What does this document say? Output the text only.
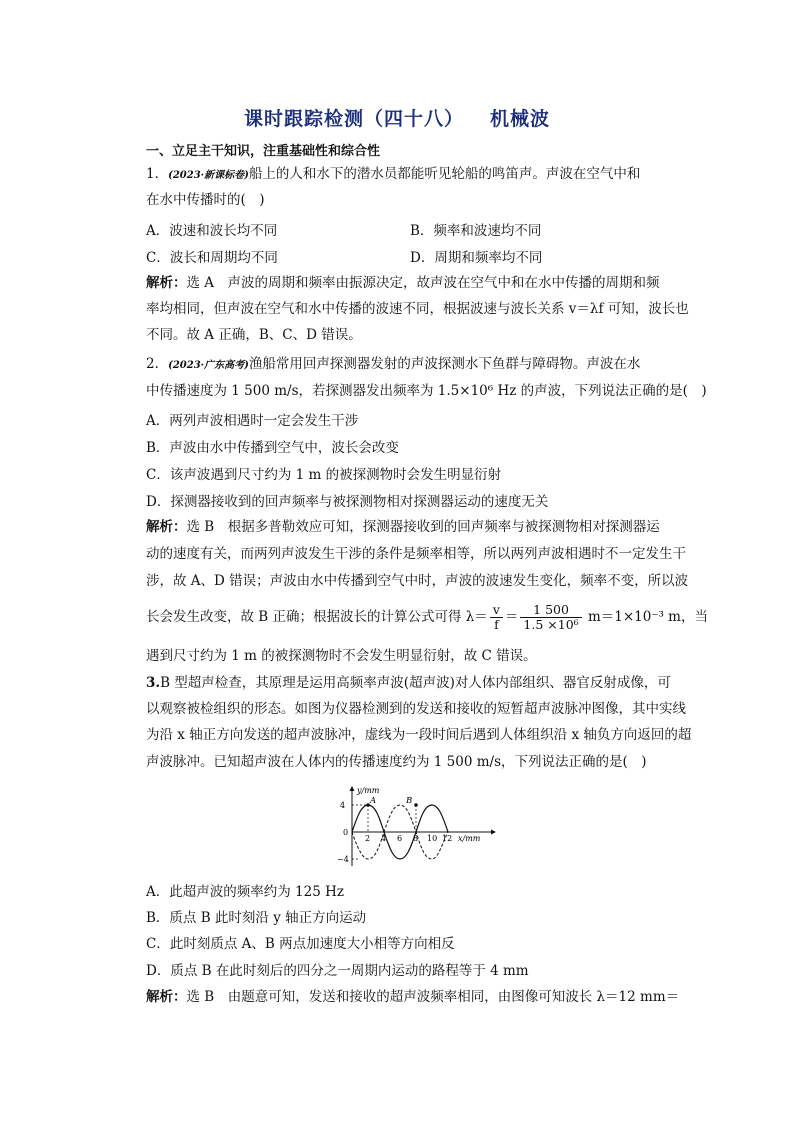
课时跟踪检测（四十八） 机械波
一、立足主干知识，注重基础性和综合性
1．(2023·新课标卷)船上的人和水下的潜水员都能听见轮船的鸣笛声。声波在空气中和
在水中传播时的(　)
A．波速和波长均不同	B．频率和波速均不同
C．波长和周期均不同	D．周期和频率均不同
解析：选 A　声波的周期和频率由振源决定，故声波在空气中和在水中传播的周期和频
率均相同，但声波在空气和水中传播的波速不同，根据波速与波长关系 v＝λf 可知，波长也
不同。故 A 正确，B、C、D 错误。
2．(2023·广东高考)渔船常用回声探测器发射的声波探测水下鱼群与障碍物。声波在水
中传播速度为 1 500 m/s，若探测器发出频率为 1.5×10⁶ Hz 的声波，下列说法正确的是(　)
A．两列声波相遇时一定会发生干涉
B．声波由水中传播到空气中，波长会改变
C．该声波遇到尺寸约为 1 m 的被探测物时会发生明显衍射
D．探测器接收到的回声频率与被探测物相对探测器运动的速度无关
解析：选 B　根据多普勒效应可知，探测器接收到的回声频率与被探测物相对探测器运
动的速度有关，而两列声波发生干涉的条件是频率相等，所以两列声波相遇时不一定发生干
涉，故 A、D 错误；声波由水中传播到空气中时，声波的波速发生变化，频率不变，所以波
长会发生改变，故 B 正确；根据波长的计算公式可得 $\lambda= \frac{v}{f} = \frac{1 500}{\text{1.5 ×10⁶}} m=1\times 10^{-3}$ m，当
遇到尺寸约为 1 m 的被探测物时不会发生明显衍射，故 C 错误。
3.B 型超声检查，其原理是运用高频率声波(超声波)对人体内部组织、器官反射成像，可
以观察被检组织的形态。如图为仪器检测到的发送和接收的短暂超声波脉冲图像，其中实线
为沿 x 轴正方向发送的超声波脉冲，虚线为一段时间后遇到人体组织沿 x 轴负方向返回的超
声波脉冲。已知超声波在人体内的传播速度约为 1 500 m/s，下列说法正确的是(　)
y/mm
x/mm
4
0
−4
A	B
2 4 6 8 10 12
A．此超声波的频率约为 125 Hz
B．质点 B 此时刻沿 y 轴正方向运动
C．此时刻质点 A、B 两点加速度大小相等方向相反
D．质点 B 在此时刻后的四分之一周期内运动的路程等于 4 mm
解析：选 B　由题意可知，发送和接收的超声波频率相同，由图像可知波长 λ＝12 mm＝
